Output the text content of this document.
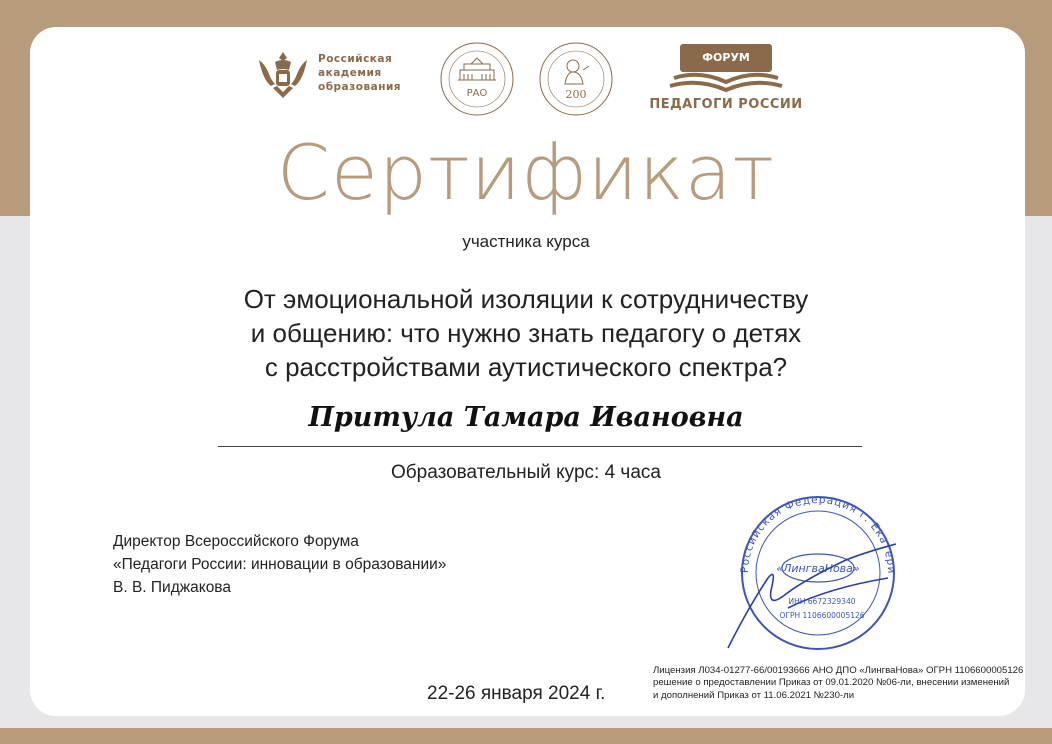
Российская
академия
образования
РАО	200
ФОРУМ
ПЕДАГОГИ РОССИИ
Сертификат
участника курса
От эмоциональной изоляции к сотрудничеству
и общению: что нужно знать педагогу о детях
с расстройствами аутистического спектра?
Притула Тамара Ивановна
Образовательный курс: 4 часа
Директор Всероссийского Форума
«Педагоги России: инновации в образовании»
В. В. Пиджакова
Российская Федерация г. Екатери
«ЛингваНова»
ИНН 6672329340
ОГРН 1106600005126
22-26 января 2024 г.
Лицензия Л034-01277-66/00193666 АНО ДПО «ЛингваНова» ОГРН 1106600005126
решение о предоставлении Приказ от 09.01.2020 №06-ли, внесении изменений
и дополнений Приказ от 11.06.2021 №230-ли
